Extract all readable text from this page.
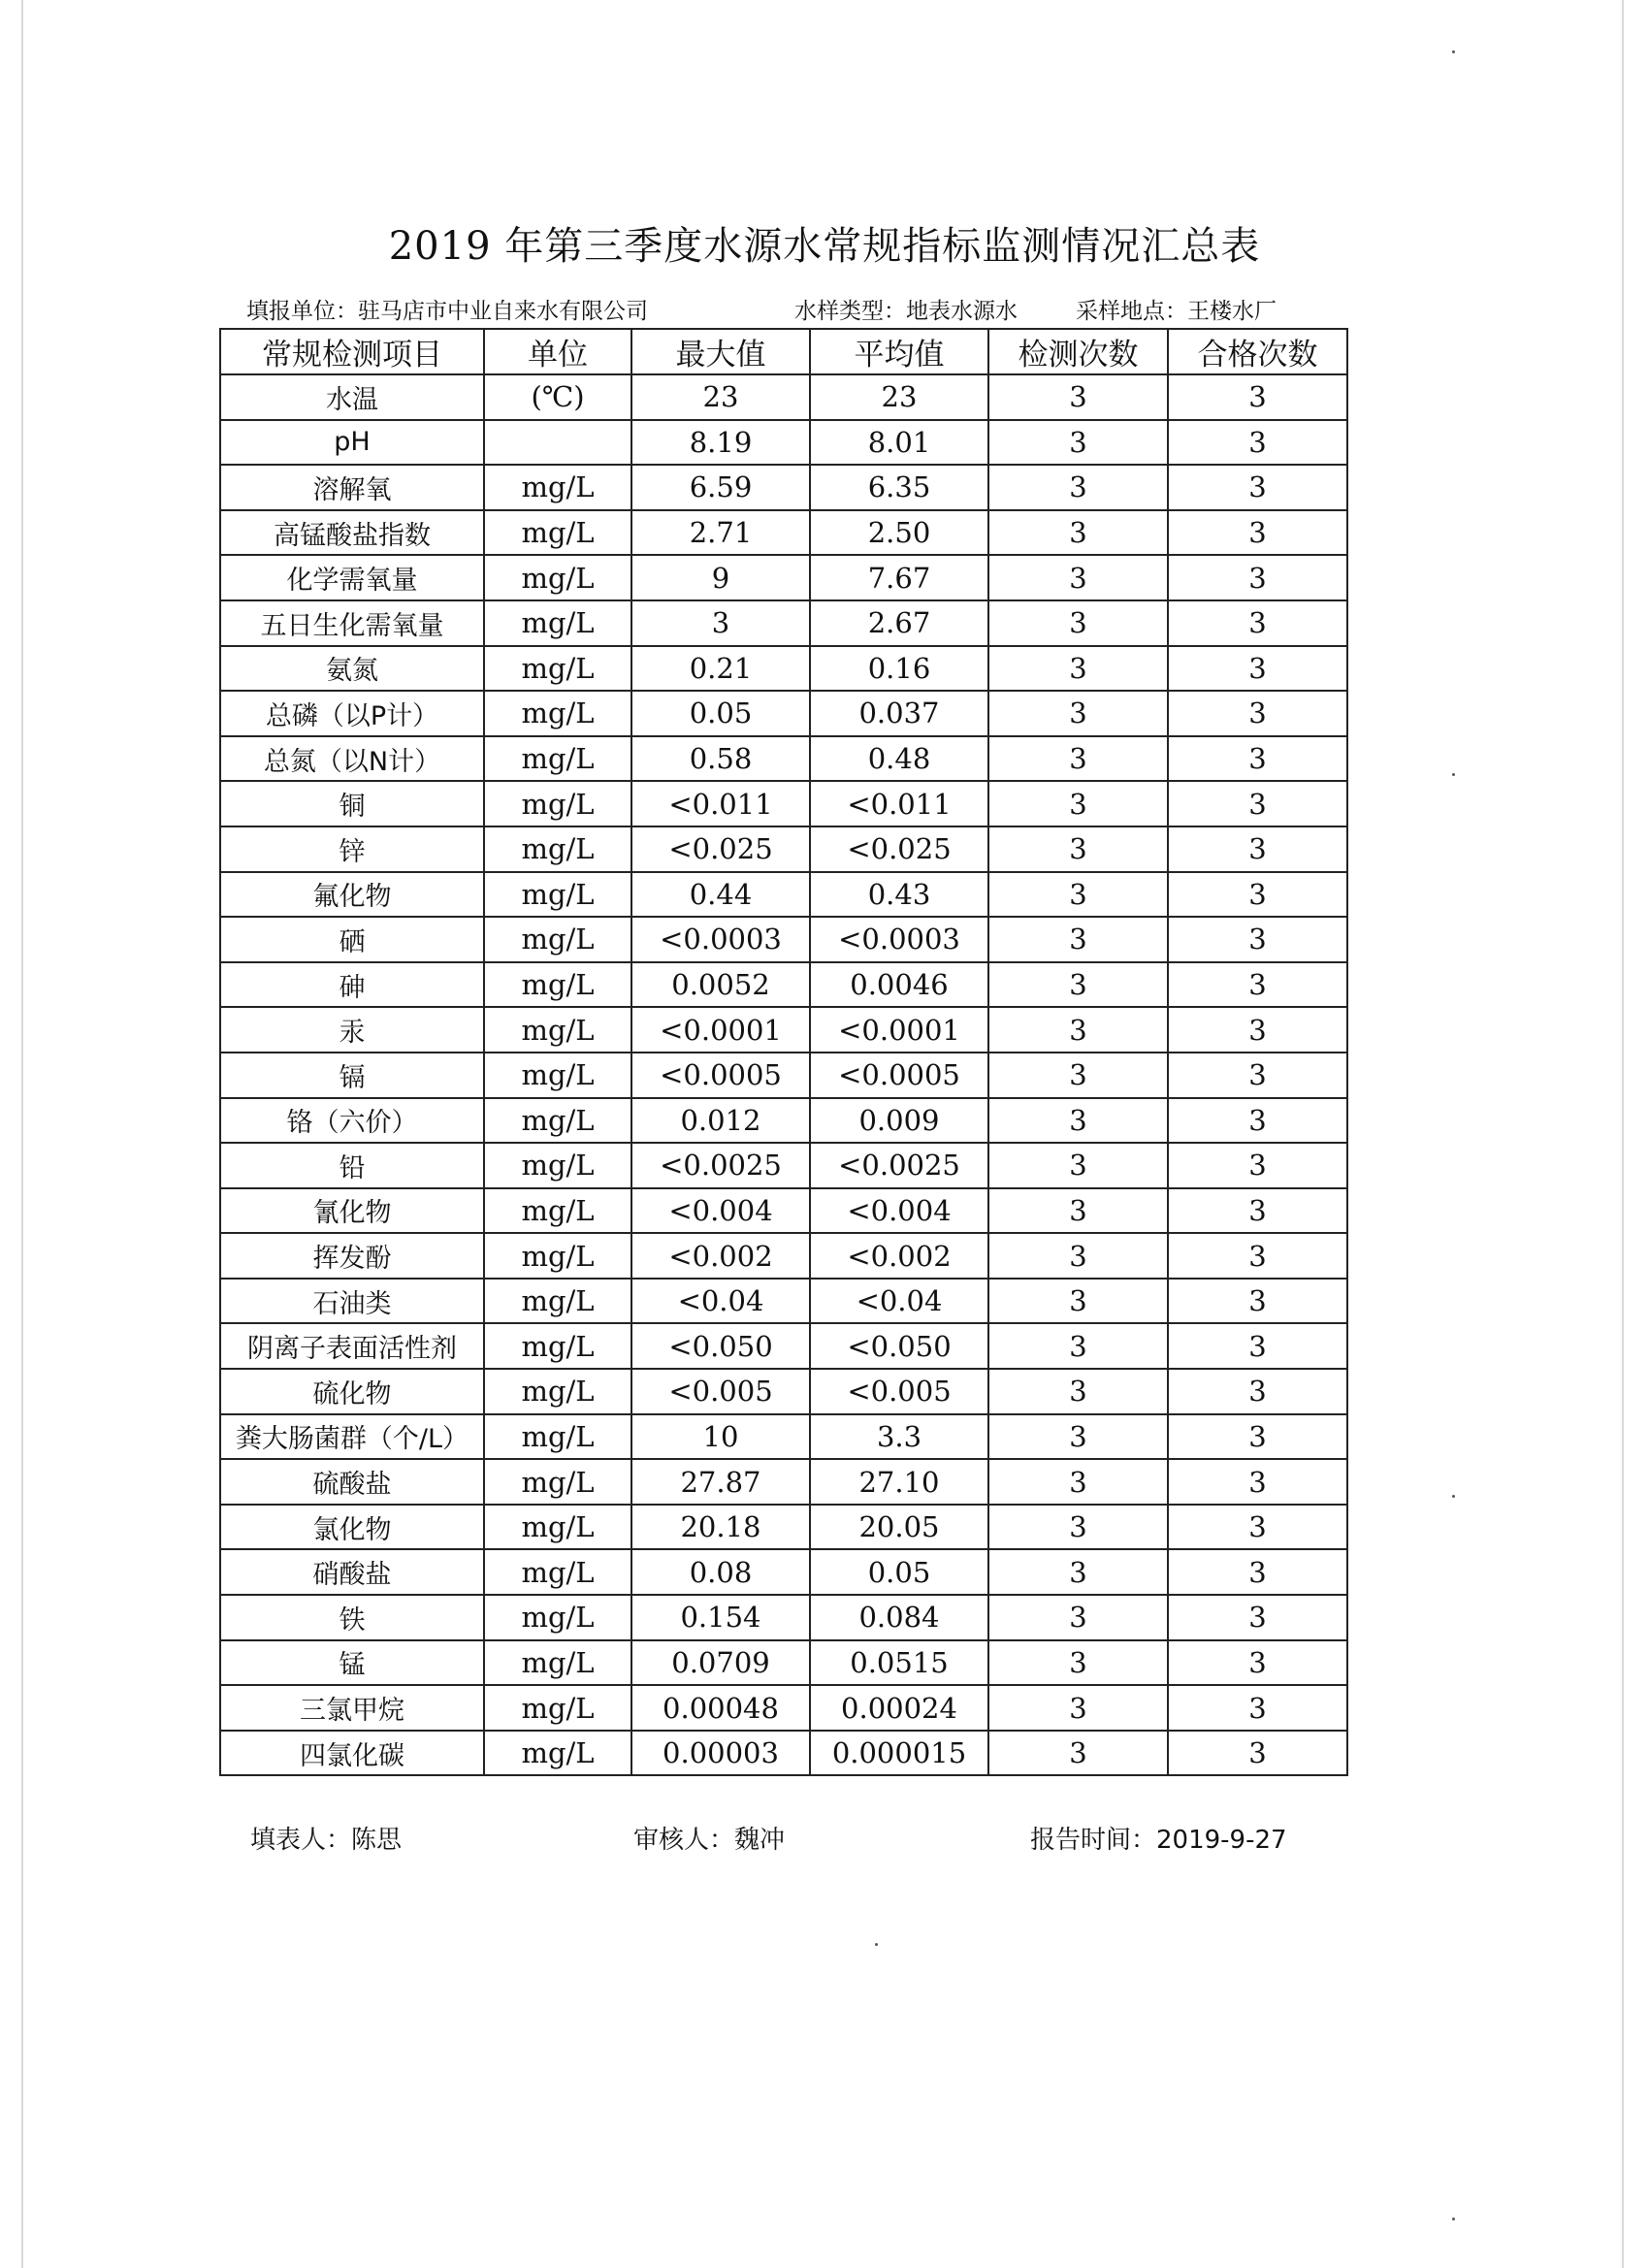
2019 年第三季度水源水常规指标监测情况汇总表
填报单位：驻马店市中业自来水有限公司	水样类型：地表水源水	采样地点：王楼水厂
常规检测项目	单位	最大值	平均值	检测次数	合格次数
水温	(℃)	23	23	3	3
pH		8.19	8.01	3	3
溶解氧	mg/L	6.59	6.35	3	3
高锰酸盐指数	mg/L	2.71	2.50	3	3
化学需氧量	mg/L	9	7.67	3	3
五日生化需氧量	mg/L	3	2.67	3	3
氨氮	mg/L	0.21	0.16	3	3
总磷（以P计）	mg/L	0.05	0.037	3	3
总氮（以N计）	mg/L	0.58	0.48	3	3
铜	mg/L	<0.011	<0.011	3	3
锌	mg/L	<0.025	<0.025	3	3
氟化物	mg/L	0.44	0.43	3	3
硒	mg/L	<0.0003	<0.0003	3	3
砷	mg/L	0.0052	0.0046	3	3
汞	mg/L	<0.0001	<0.0001	3	3
镉	mg/L	<0.0005	<0.0005	3	3
铬（六价）	mg/L	0.012	0.009	3	3
铅	mg/L	<0.0025	<0.0025	3	3
氰化物	mg/L	<0.004	<0.004	3	3
挥发酚	mg/L	<0.002	<0.002	3	3
石油类	mg/L	<0.04	<0.04	3	3
阴离子表面活性剂	mg/L	<0.050	<0.050	3	3
硫化物	mg/L	<0.005	<0.005	3	3
粪大肠菌群（个/L）	mg/L	10	3.3	3	3
硫酸盐	mg/L	27.87	27.10	3	3
氯化物	mg/L	20.18	20.05	3	3
硝酸盐	mg/L	0.08	0.05	3	3
铁	mg/L	0.154	0.084	3	3
锰	mg/L	0.0709	0.0515	3	3
三氯甲烷	mg/L	0.00048	0.00024	3	3
四氯化碳	mg/L	0.00003	0.000015	3	3
填表人：陈思	审核人：魏冲	报告时间：2019-9-27
